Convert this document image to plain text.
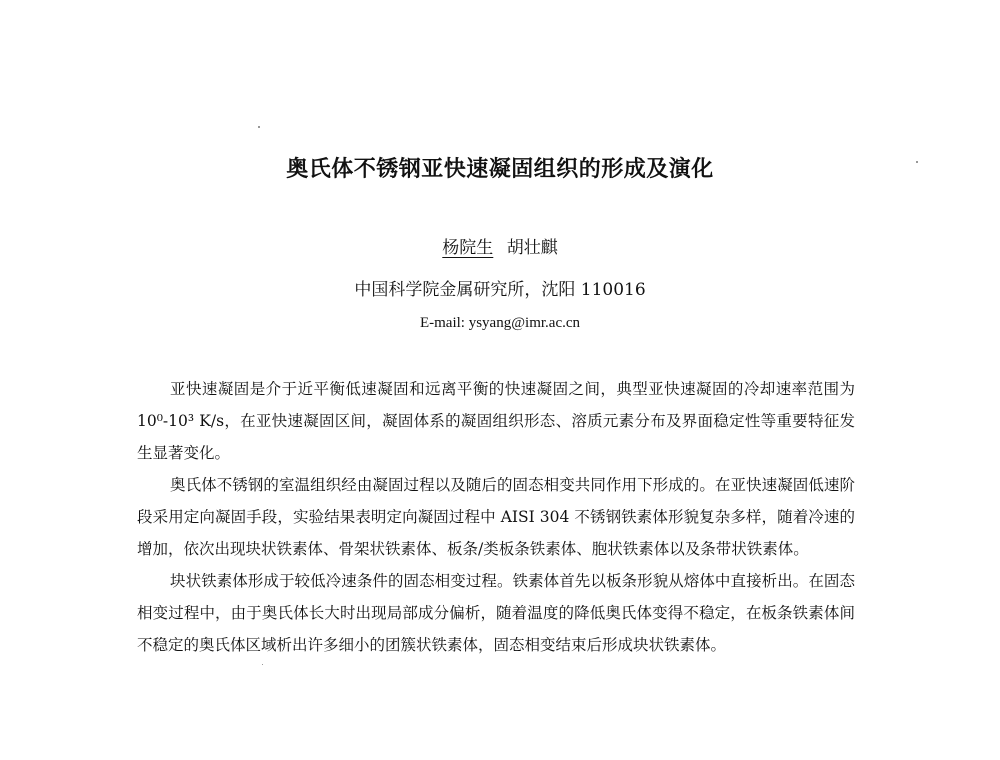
奥氏体不锈钢亚快速凝固组织的形成及演化
杨院生 胡壮麒
中国科学院金属研究所，沈阳 110016
E-mail: ysyang@imr.ac.cn

亚快速凝固是介于近平衡低速凝固和远离平衡的快速凝固之间，典型亚快速凝固的冷却速率范围为10⁰-10³ K/s，在亚快速凝固区间，凝固体系的凝固组织形态、溶质元素分布及界面稳定性等重要特征发生显著变化。

奥氏体不锈钢的室温组织经由凝固过程以及随后的固态相变共同作用下形成的。在亚快速凝固低速阶段采用定向凝固手段，实验结果表明定向凝固过程中 AISI 304 不锈钢铁素体形貌复杂多样，随着冷速的增加，依次出现块状铁素体、骨架状铁素体、板条/类板条铁素体、胞状铁素体以及条带状铁素体。

块状铁素体形成于较低冷速条件的固态相变过程。铁素体首先以板条形貌从熔体中直接析出。在固态相变过程中，由于奥氏体长大时出现局部成分偏析，随着温度的降低奥氏体变得不稳定，在板条铁素体间不稳定的奥氏体区域析出许多细小的团簇状铁素体，固态相变结束后形成块状铁素体。
